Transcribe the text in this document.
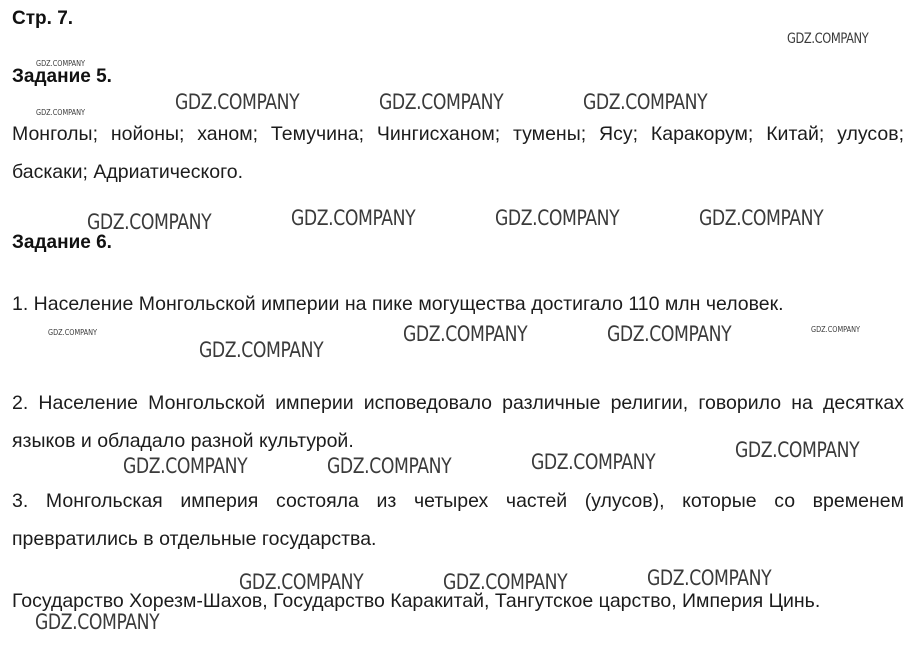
Стр. 7.
Задание 5.

Монголы; нойоны; ханом; Темучина; Чингисханом; тумены; Ясу; Каракорум; Китай; улусов; баскаки; Адриатического.

Задание 6.

1. Население Монгольской империи на пике могущества достигало 110 млн человек.

2. Население Монгольской империи исповедовало различные религии, говорило на десятках языков и обладало разной культурой.

3. Монгольская империя состояла из четырех частей (улусов), которые со временем превратились в отдельные государства.

Государство Хорезм-Шахов, Государство Каракитай, Тангутское царство, Империя Цинь.

GDZ.COMPANY
GDZ.COMPANY
GDZ.COMPANY	GDZ.COMPANY	GDZ.COMPANY	GDZ.COMPANY
GDZ.COMPANY	GDZ.COMPANY	GDZ.COMPANY	GDZ.COMPANY
GDZ.COMPANY
GDZ.COMPANY
GDZ.COMPANY	GDZ.COMPANY	GDZ.COMPANY
GDZ.COMPANY
GDZ.COMPANY	GDZ.COMPANY	GDZ.COMPANY
GDZ.COMPANY
GDZ.COMPANY	GDZ.COMPANY
GDZ.COMPANY
